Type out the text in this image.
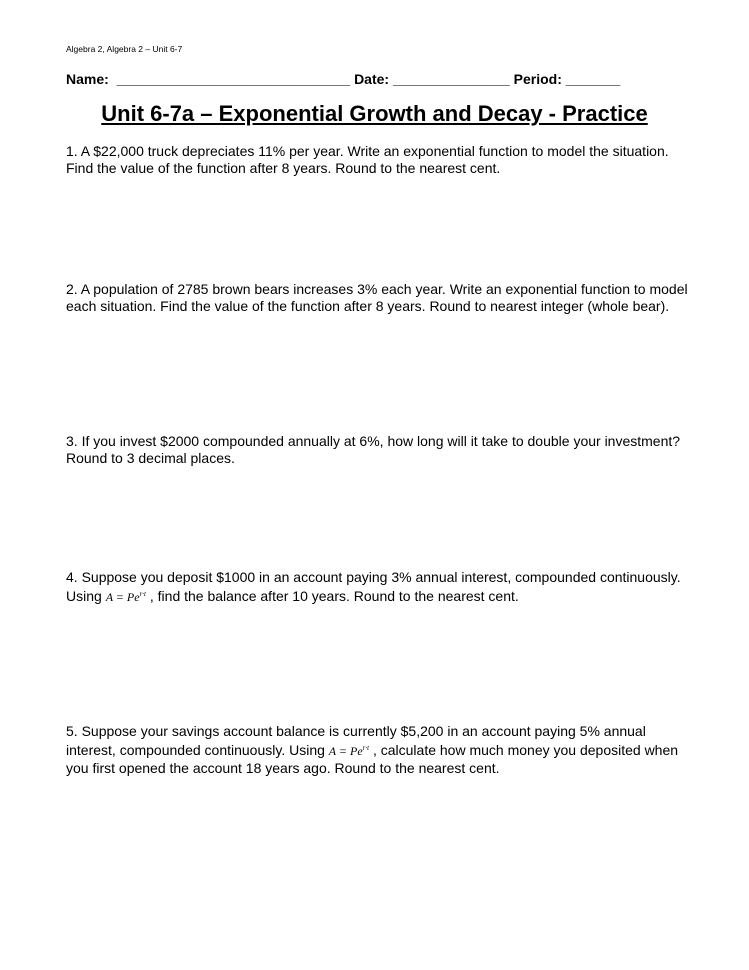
Algebra 2, Algebra 2 – Unit 6-7
Name: ______________________________ Date: _______________ Period: _______
Unit 6-7a – Exponential Growth and Decay - Practice
1. A $22,000 truck depreciates 11% per year. Write an exponential function to model the situation. Find the value of the function after 8 years. Round to the nearest cent.
2. A population of 2785 brown bears increases 3% each year. Write an exponential function to model each situation. Find the value of the function after 8 years. Round to nearest integer (whole bear).
3. If you invest $2000 compounded annually at 6%, how long will it take to double your investment? Round to 3 decimal places.
4. Suppose you deposit $1000 in an account paying 3% annual interest, compounded continuously. Using $A = Pe^{r\cdot t}$ , find the balance after 10 years. Round to the nearest cent.
5. Suppose your savings account balance is currently $5,200 in an account paying 5% annual interest, compounded continuously. Using $A = Pe^{r\cdot t}$ , calculate how much money you deposited when you first opened the account 18 years ago. Round to the nearest cent.
